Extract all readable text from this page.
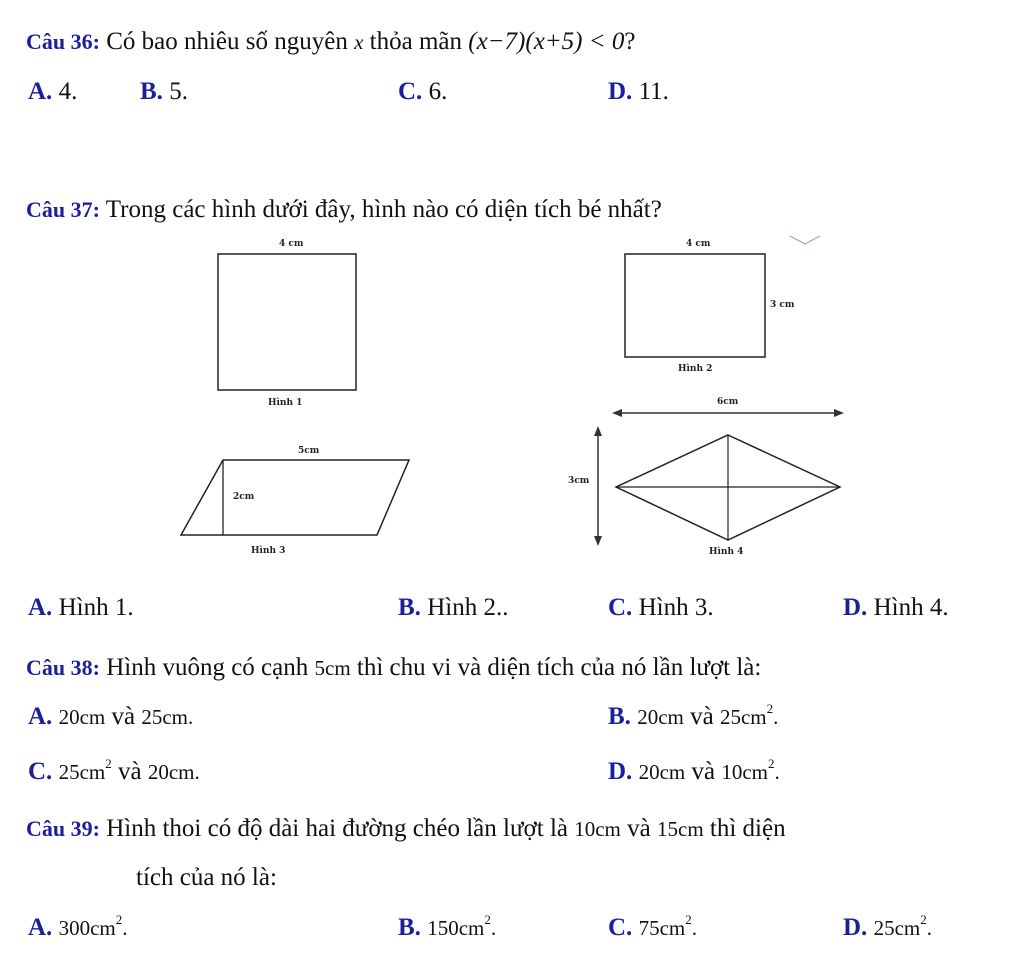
Câu 36: Có bao nhiêu số nguyên x thỏa mãn (x−7)(x+5) < 0?
A. 4.	B. 5.	C. 6.	D. 11.
Câu 37: Trong các hình dưới đây, hình nào có diện tích bé nhất?
4 cm
Hình 1
4 cm
3 cm
Hình 2
5cm
2cm
Hình 3
6cm
3cm
Hình 4
A. Hình 1.	B. Hình 2..	C. Hình 3.	D. Hình 4.
Câu 38: Hình vuông có cạnh 5cm thì chu vi và diện tích của nó lần lượt là:
A. 20cm và 25cm.	B. 20cm và $25cm^2$.
C. $25cm^2$ và 20cm.	D. 20cm và $10cm^2$.
Câu 39: Hình thoi có độ dài hai đường chéo lần lượt là 10cm và 15cm thì diện
tích của nó là:
A. $300cm^2$.	B. $150cm^2$.	C. $75cm^2$.	D. $25cm^2$.
